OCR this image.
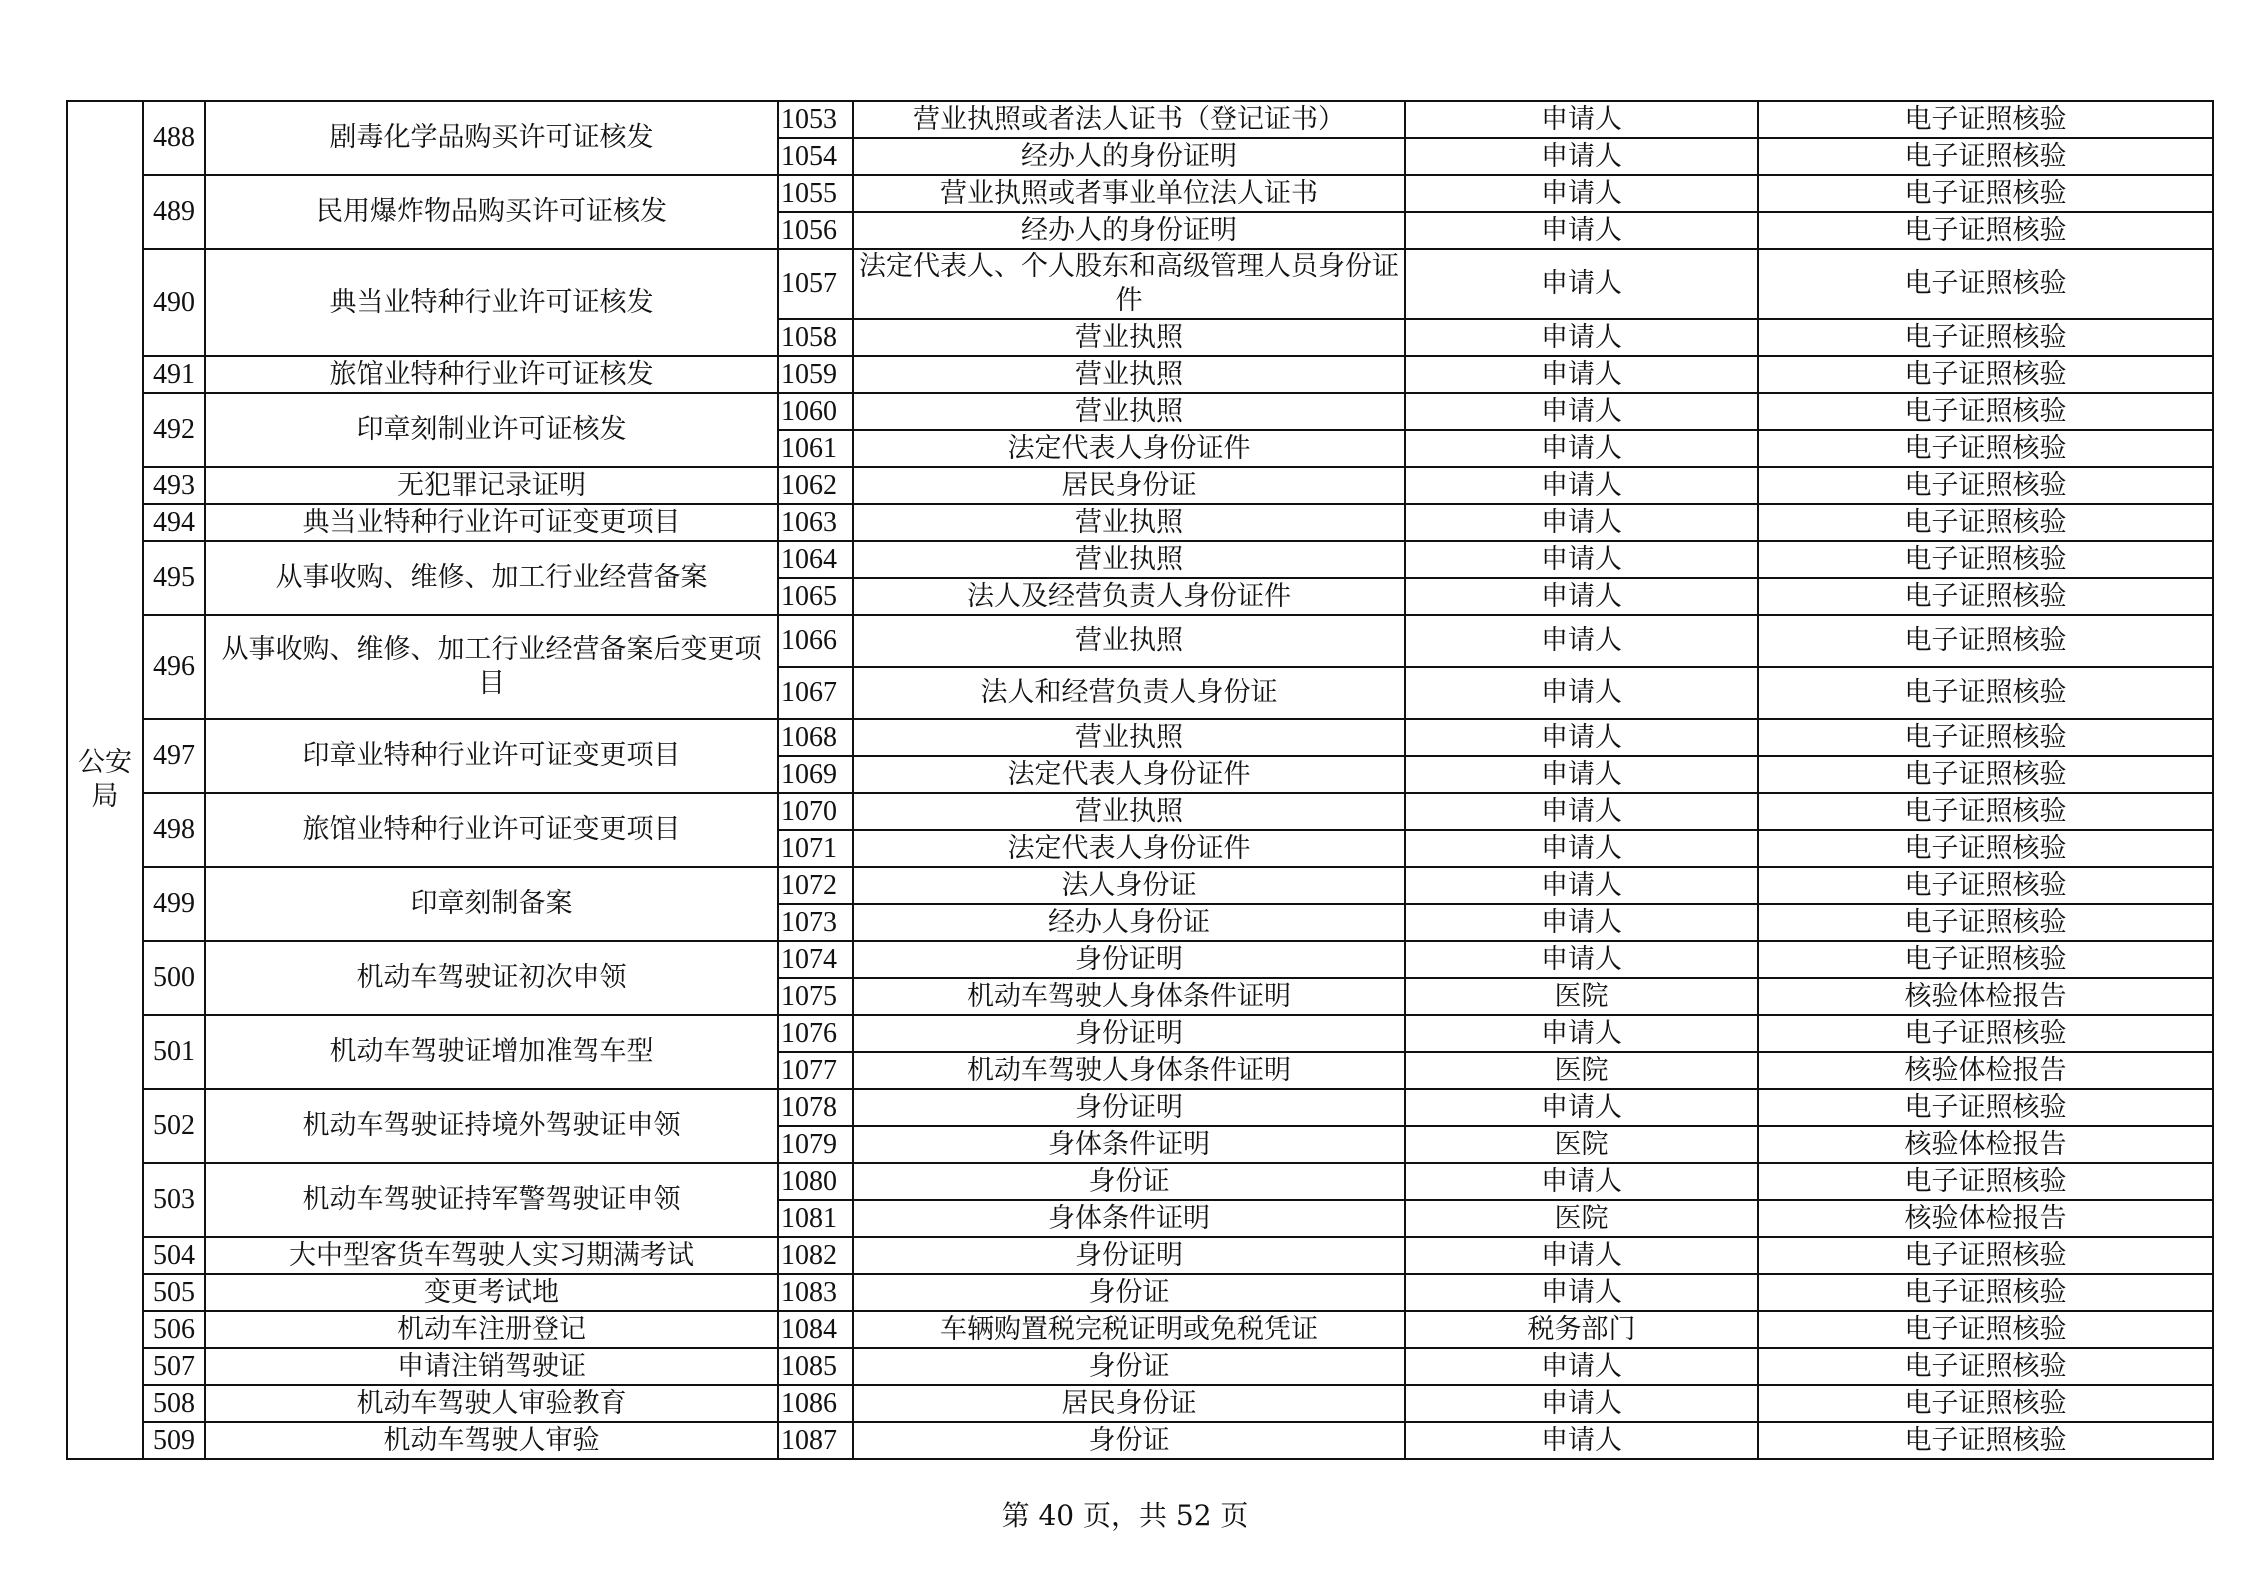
公安局	488	剧毒化学品购买许可证核发	1053	营业执照或者法人证书（登记证书）	申请人	电子证照核验
			1054	经办人的身份证明	申请人	电子证照核验
	489	民用爆炸物品购买许可证核发	1055	营业执照或者事业单位法人证书	申请人	电子证照核验
			1056	经办人的身份证明	申请人	电子证照核验
	490	典当业特种行业许可证核发	1057	法定代表人、个人股东和高级管理人员身份证件	申请人	电子证照核验
			1058	营业执照	申请人	电子证照核验
	491	旅馆业特种行业许可证核发	1059	营业执照	申请人	电子证照核验
	492	印章刻制业许可证核发	1060	营业执照	申请人	电子证照核验
			1061	法定代表人身份证件	申请人	电子证照核验
	493	无犯罪记录证明	1062	居民身份证	申请人	电子证照核验
	494	典当业特种行业许可证变更项目	1063	营业执照	申请人	电子证照核验
	495	从事收购、维修、加工行业经营备案	1064	营业执照	申请人	电子证照核验
			1065	法人及经营负责人身份证件	申请人	电子证照核验
	496	从事收购、维修、加工行业经营备案后变更项目	1066	营业执照	申请人	电子证照核验
			1067	法人和经营负责人身份证	申请人	电子证照核验
	497	印章业特种行业许可证变更项目	1068	营业执照	申请人	电子证照核验
			1069	法定代表人身份证件	申请人	电子证照核验
	498	旅馆业特种行业许可证变更项目	1070	营业执照	申请人	电子证照核验
			1071	法定代表人身份证件	申请人	电子证照核验
	499	印章刻制备案	1072	法人身份证	申请人	电子证照核验
			1073	经办人身份证	申请人	电子证照核验
	500	机动车驾驶证初次申领	1074	身份证明	申请人	电子证照核验
			1075	机动车驾驶人身体条件证明	医院	核验体检报告
	501	机动车驾驶证增加准驾车型	1076	身份证明	申请人	电子证照核验
			1077	机动车驾驶人身体条件证明	医院	核验体检报告
	502	机动车驾驶证持境外驾驶证申领	1078	身份证明	申请人	电子证照核验
			1079	身体条件证明	医院	核验体检报告
	503	机动车驾驶证持军警驾驶证申领	1080	身份证	申请人	电子证照核验
			1081	身体条件证明	医院	核验体检报告
	504	大中型客货车驾驶人实习期满考试	1082	身份证明	申请人	电子证照核验
	505	变更考试地	1083	身份证	申请人	电子证照核验
	506	机动车注册登记	1084	车辆购置税完税证明或免税凭证	税务部门	电子证照核验
	507	申请注销驾驶证	1085	身份证	申请人	电子证照核验
	508	机动车驾驶人审验教育	1086	居民身份证	申请人	电子证照核验
	509	机动车驾驶人审验	1087	身份证	申请人	电子证照核验
第 40 页，共 52 页
